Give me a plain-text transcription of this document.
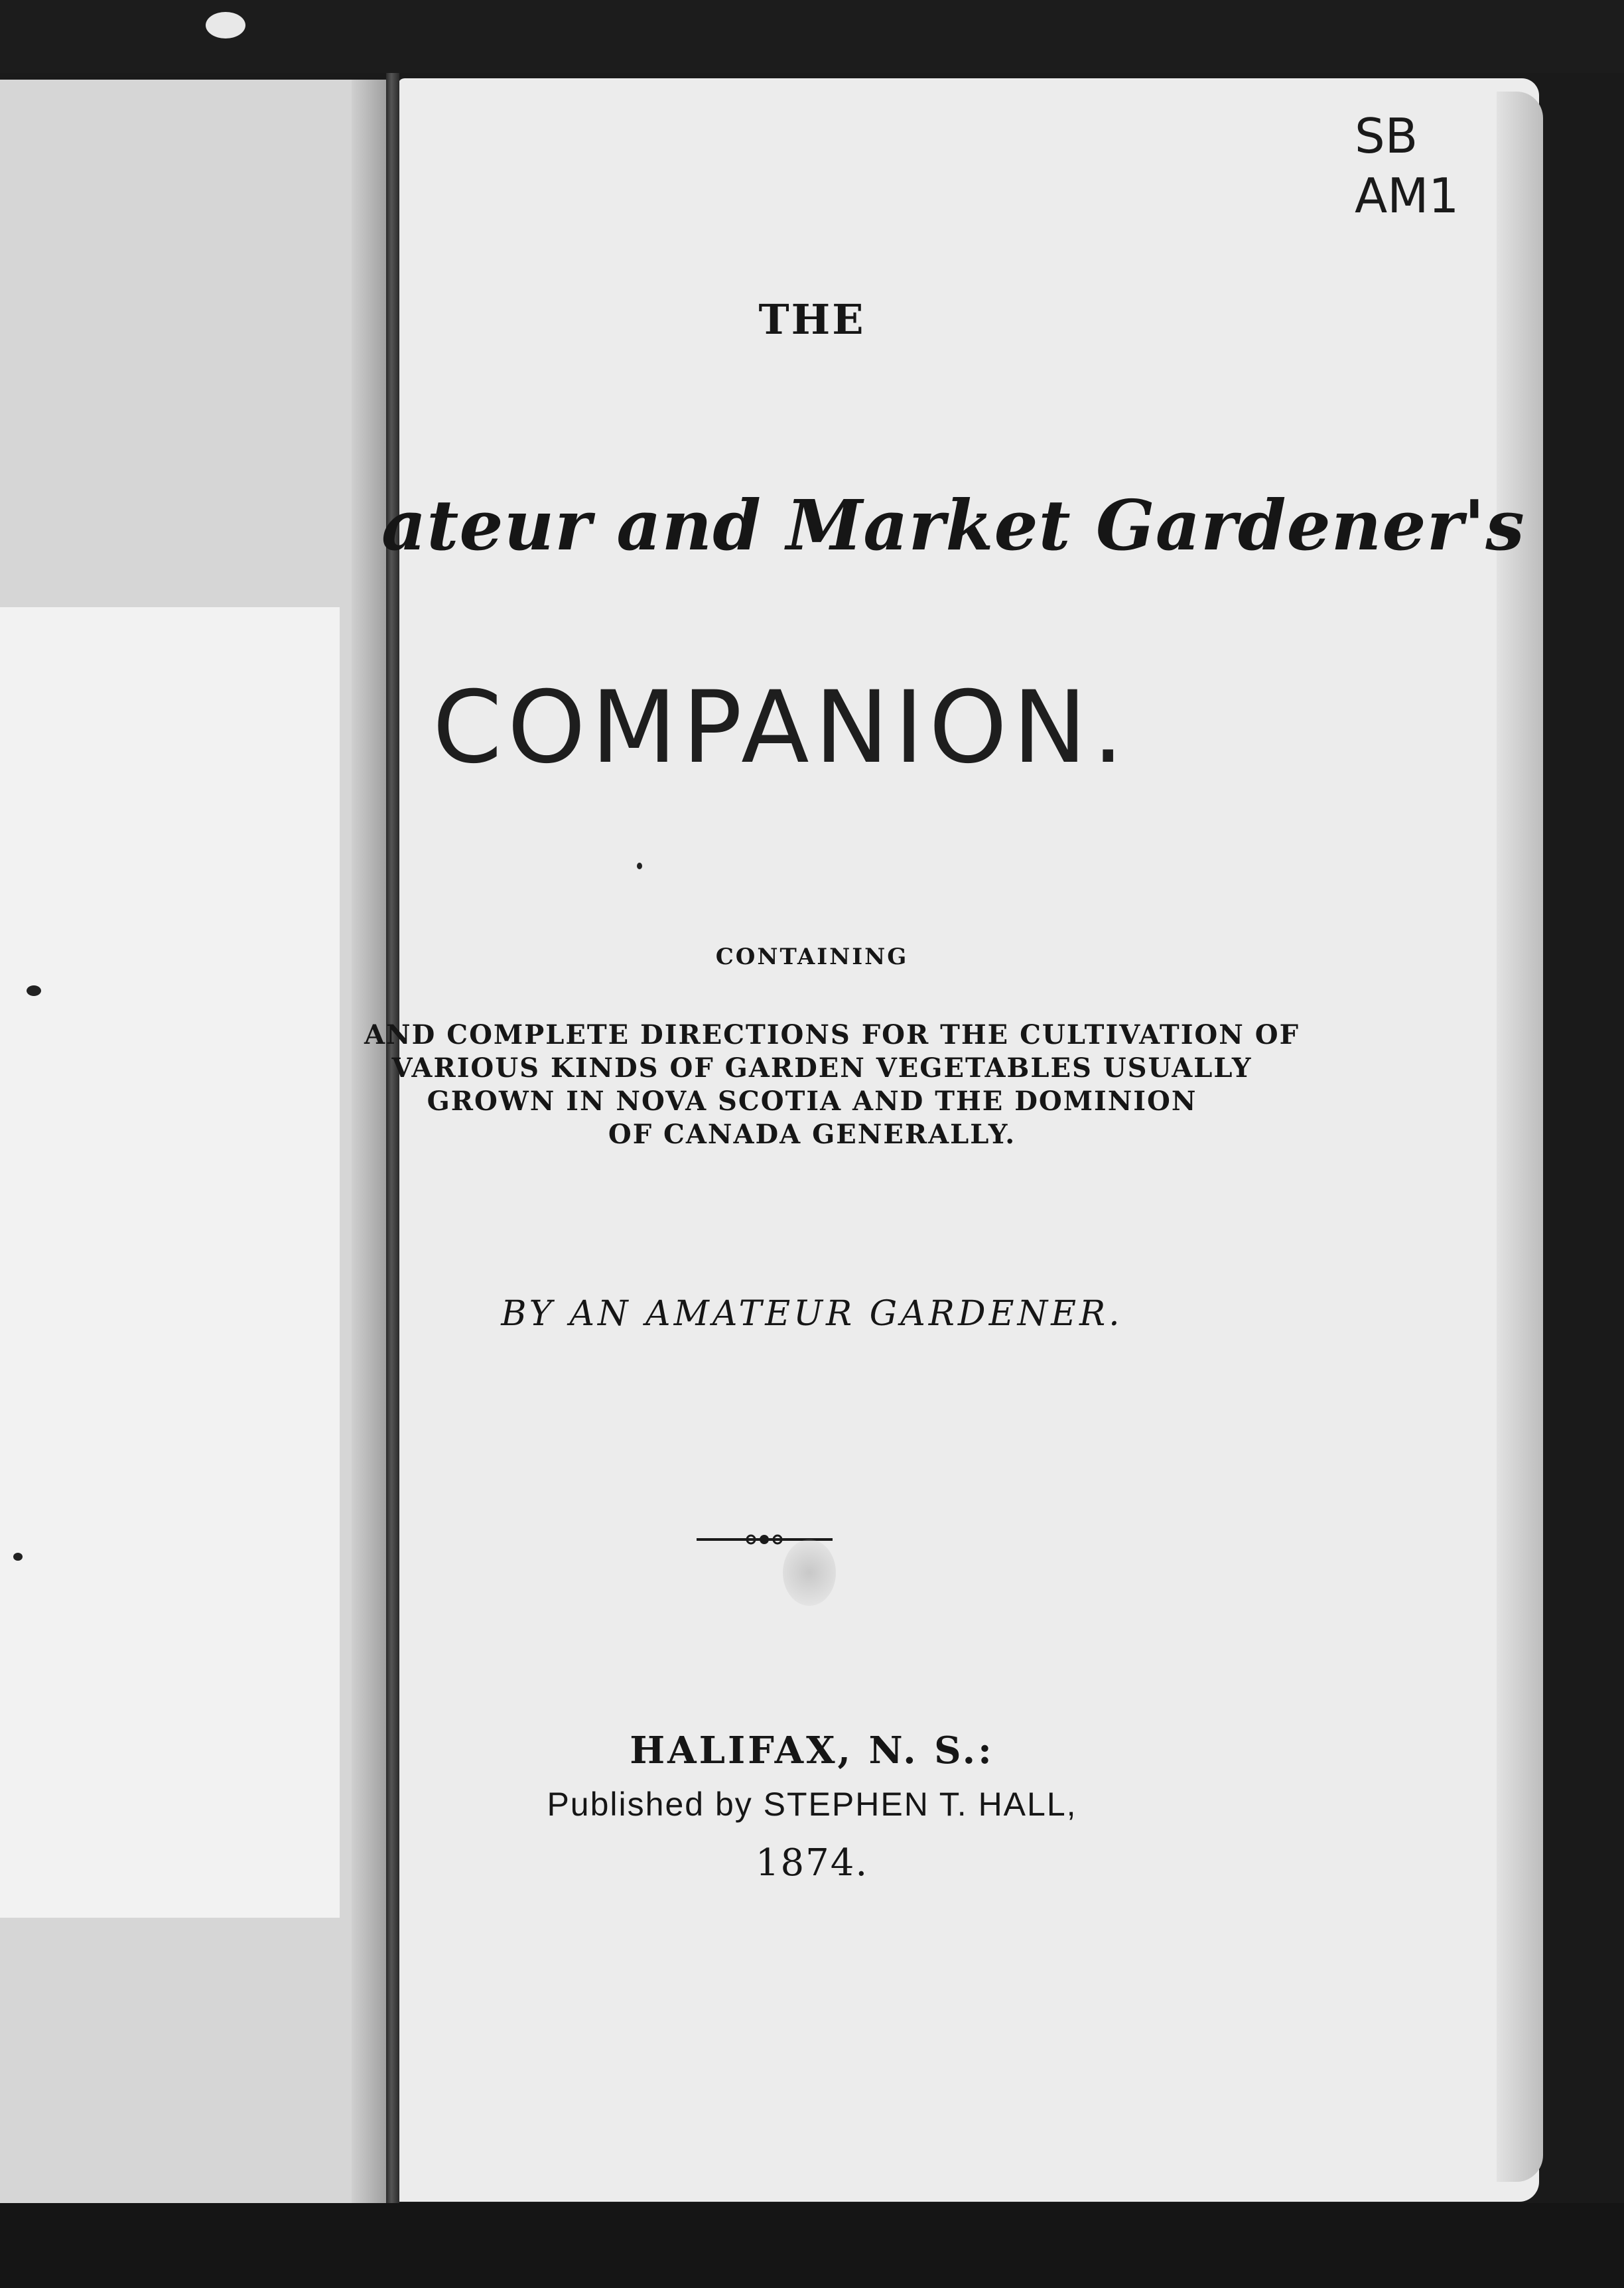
SB
AM1
THE
ateur and Market Gardener's
COMPANION.
CONTAINING
AND COMPLETE DIRECTIONS FOR THE CULTIVATION OF
VARIOUS KINDS OF GARDEN VEGETABLES USUALLY
GROWN IN NOVA SCOTIA AND THE DOMINION
OF CANADA GENERALLY.
BY AN AMATEUR GARDENER.
HALIFAX, N. S.:
Published by STEPHEN T. HALL,
1874.
